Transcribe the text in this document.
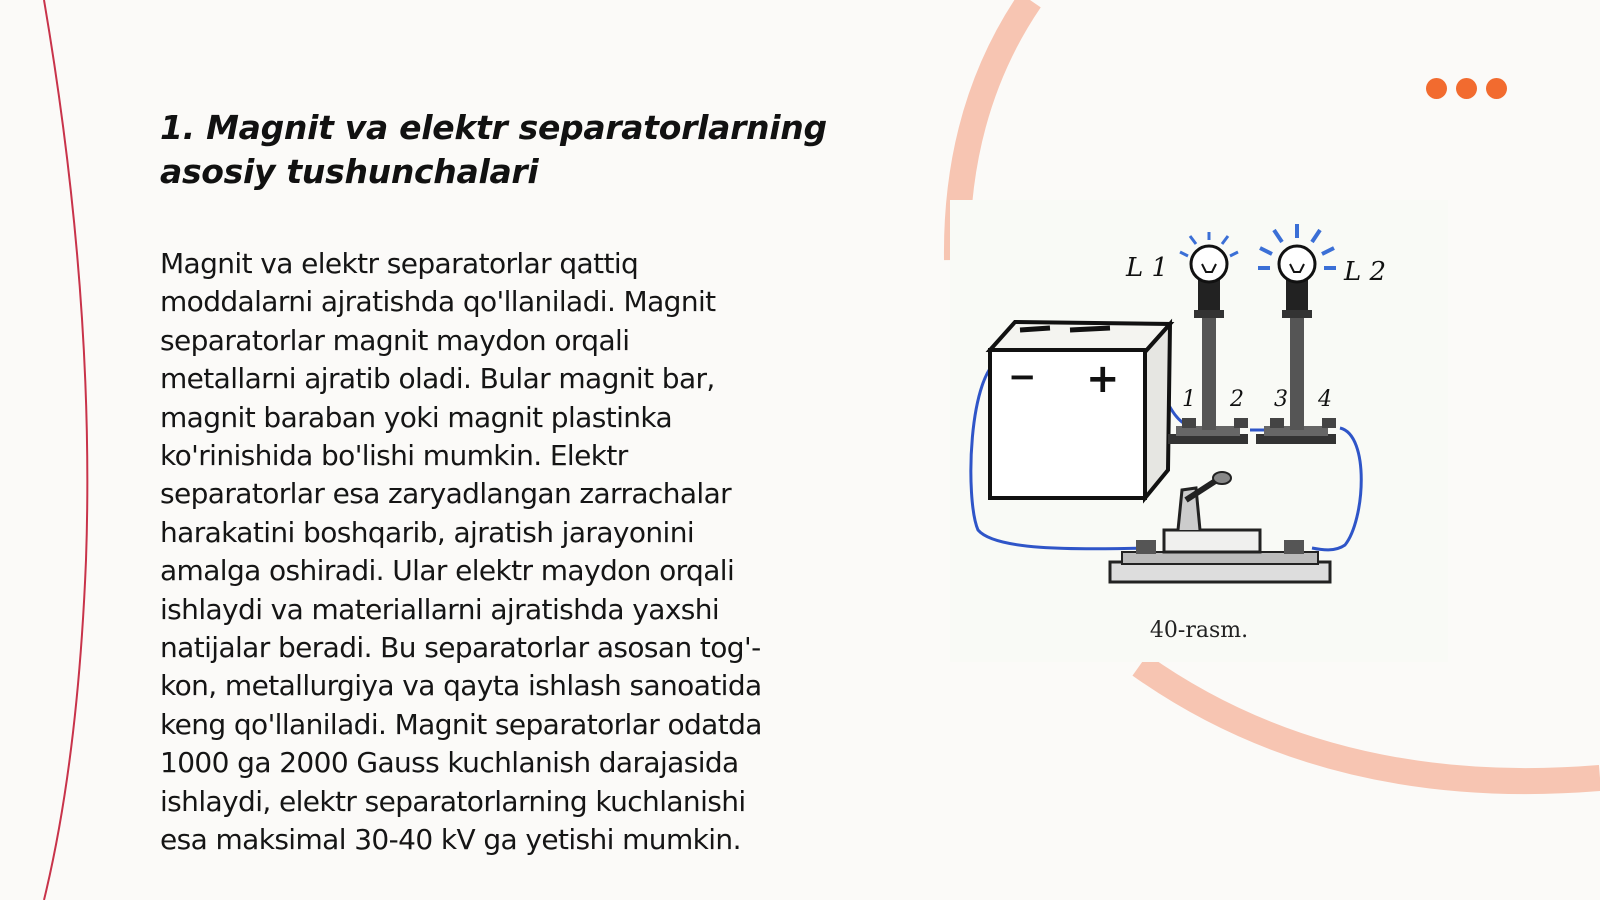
1. Magnit va elektr separatorlarning
asosiy tushunchalari

Magnit va elektr separatorlar qattiq
moddalarni ajratishda qo'llaniladi. Magnit
separatorlar magnit maydon orqali
metallarni ajratib oladi. Bular magnit bar,
magnit baraban yoki magnit plastinka
ko'rinishida bo'lishi mumkin. Elektr
separatorlar esa zaryadlangan zarrachalar
harakatini boshqarib, ajratish jarayonini
amalga oshiradi. Ular elektr maydon orqali
ishlaydi va materiallarni ajratishda yaxshi
natijalar beradi. Bu separatorlar asosan tog'-
kon, metallurgiya va qayta ishlash sanoatida
keng qo'llaniladi. Magnit separatorlar odatda
1000 ga 2000 Gauss kuchlanish darajasida
ishlaydi, elektr separatorlarning kuchlanishi
esa maksimal 30-40 kV ga yetishi mumkin.

− +
L 1	L 2
1 2 3 4
40-rasm.
